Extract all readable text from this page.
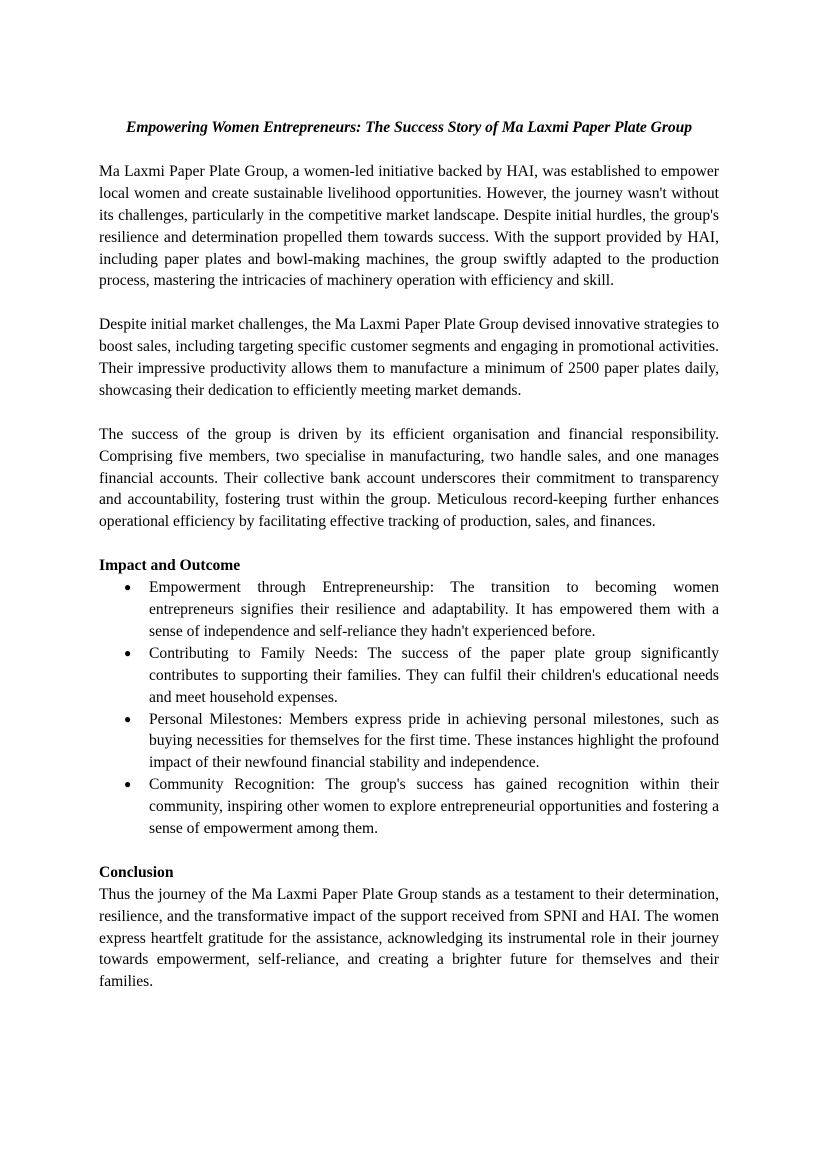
Empowering Women Entrepreneurs: The Success Story of Ma Laxmi Paper Plate Group

Ma Laxmi Paper Plate Group, a women-led initiative backed by HAI, was established to empower local women and create sustainable livelihood opportunities. However, the journey wasn't without its challenges, particularly in the competitive market landscape. Despite initial hurdles, the group's resilience and determination propelled them towards success. With the support provided by HAI, including paper plates and bowl-making machines, the group swiftly adapted to the production process, mastering the intricacies of machinery operation with efficiency and skill.

Despite initial market challenges, the Ma Laxmi Paper Plate Group devised innovative strategies to boost sales, including targeting specific customer segments and engaging in promotional activities. Their impressive productivity allows them to manufacture a minimum of 2500 paper plates daily, showcasing their dedication to efficiently meeting market demands.

The success of the group is driven by its efficient organisation and financial responsibility. Comprising five members, two specialise in manufacturing, two handle sales, and one manages financial accounts. Their collective bank account underscores their commitment to transparency and accountability, fostering trust within the group. Meticulous record-keeping further enhances operational efficiency by facilitating effective tracking of production, sales, and finances.

Impact and Outcome

● Empowerment through Entrepreneurship: The transition to becoming women entrepreneurs signifies their resilience and adaptability. It has empowered them with a sense of independence and self-reliance they hadn't experienced before.
● Contributing to Family Needs: The success of the paper plate group significantly contributes to supporting their families. They can fulfil their children's educational needs and meet household expenses.
● Personal Milestones: Members express pride in achieving personal milestones, such as buying necessities for themselves for the first time. These instances highlight the profound impact of their newfound financial stability and independence.
● Community Recognition: The group's success has gained recognition within their community, inspiring other women to explore entrepreneurial opportunities and fostering a sense of empowerment among them.

Conclusion

Thus the journey of the Ma Laxmi Paper Plate Group stands as a testament to their determination, resilience, and the transformative impact of the support received from SPNI and HAI. The women express heartfelt gratitude for the assistance, acknowledging its instrumental role in their journey towards empowerment, self-reliance, and creating a brighter future for themselves and their families.
